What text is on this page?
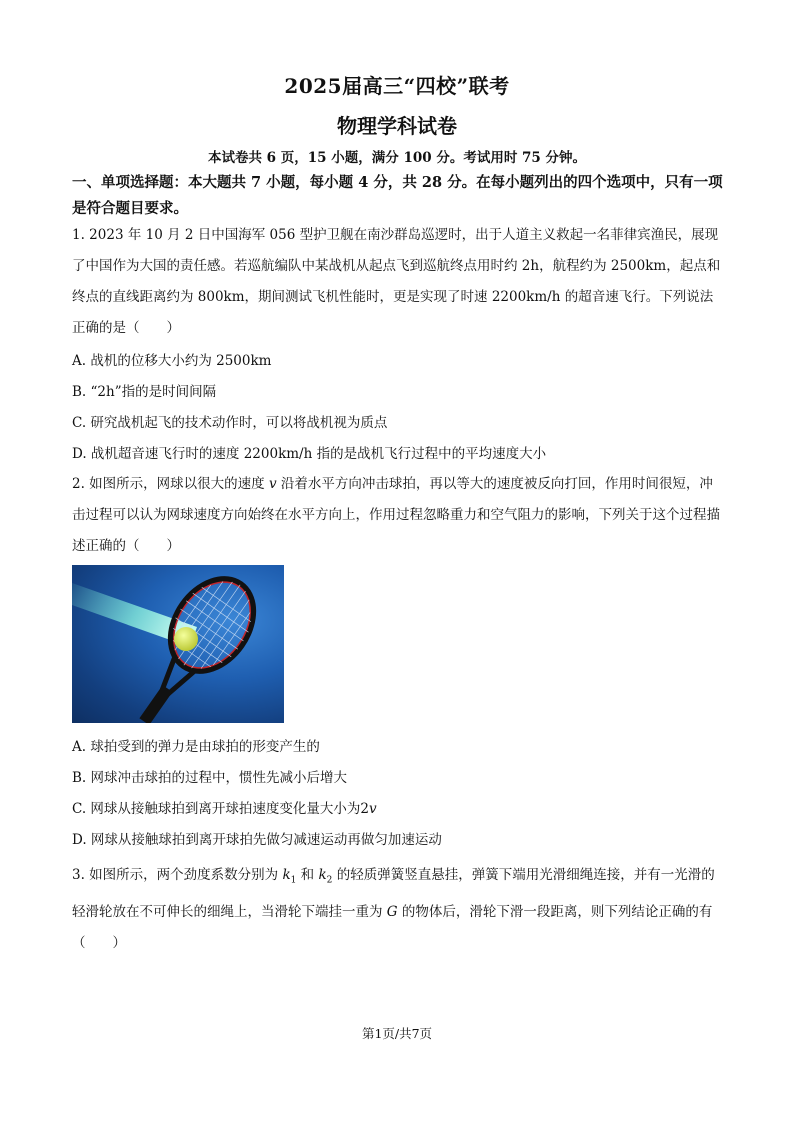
2025届高三“四校”联考
物理学科试卷
本试卷共 6 页，15 小题，满分 100 分。考试用时 75 分钟。
一、单项选择题：本大题共 7 小题，每小题 4 分，共 28 分。在每小题列出的四个选项中，只有一项是符合题目要求。
1. 2023 年 10 月 2 日中国海军 056 型护卫舰在南沙群岛巡逻时，出于人道主义救起一名菲律宾渔民，展现了中国作为大国的责任感。若巡航编队中某战机从起点飞到巡航终点用时约 2h，航程约为 2500km，起点和终点的直线距离约为 800km，期间测试飞机性能时，更是实现了时速 2200km/h 的超音速飞行。下列说法正确的是（　　）
A. 战机的位移大小约为 2500km
B. “2h”指的是时间间隔
C. 研究战机起飞的技术动作时，可以将战机视为质点
D. 战机超音速飞行时的速度 2200km/h 指的是战机飞行过程中的平均速度大小
2. 如图所示，网球以很大的速度 v 沿着水平方向冲击球拍，再以等大的速度被反向打回，作用时间很短，冲击过程可以认为网球速度方向始终在水平方向上，作用过程忽略重力和空气阻力的影响，下列关于这个过程描述正确的（　　）
A. 球拍受到的弹力是由球拍的形变产生的
B. 网球冲击球拍的过程中，惯性先减小后增大
C. 网球从接触球拍到离开球拍速度变化量大小为2v
D. 网球从接触球拍到离开球拍先做匀减速运动再做匀加速运动
3. 如图所示，两个劲度系数分别为 $k_1$ 和 $k_2$ 的轻质弹簧竖直悬挂，弹簧下端用光滑细绳连接，并有一光滑的轻滑轮放在不可伸长的细绳上，当滑轮下端挂一重为 G 的物体后，滑轮下滑一段距离，则下列结论正确的有（　　）
第1页/共7页
